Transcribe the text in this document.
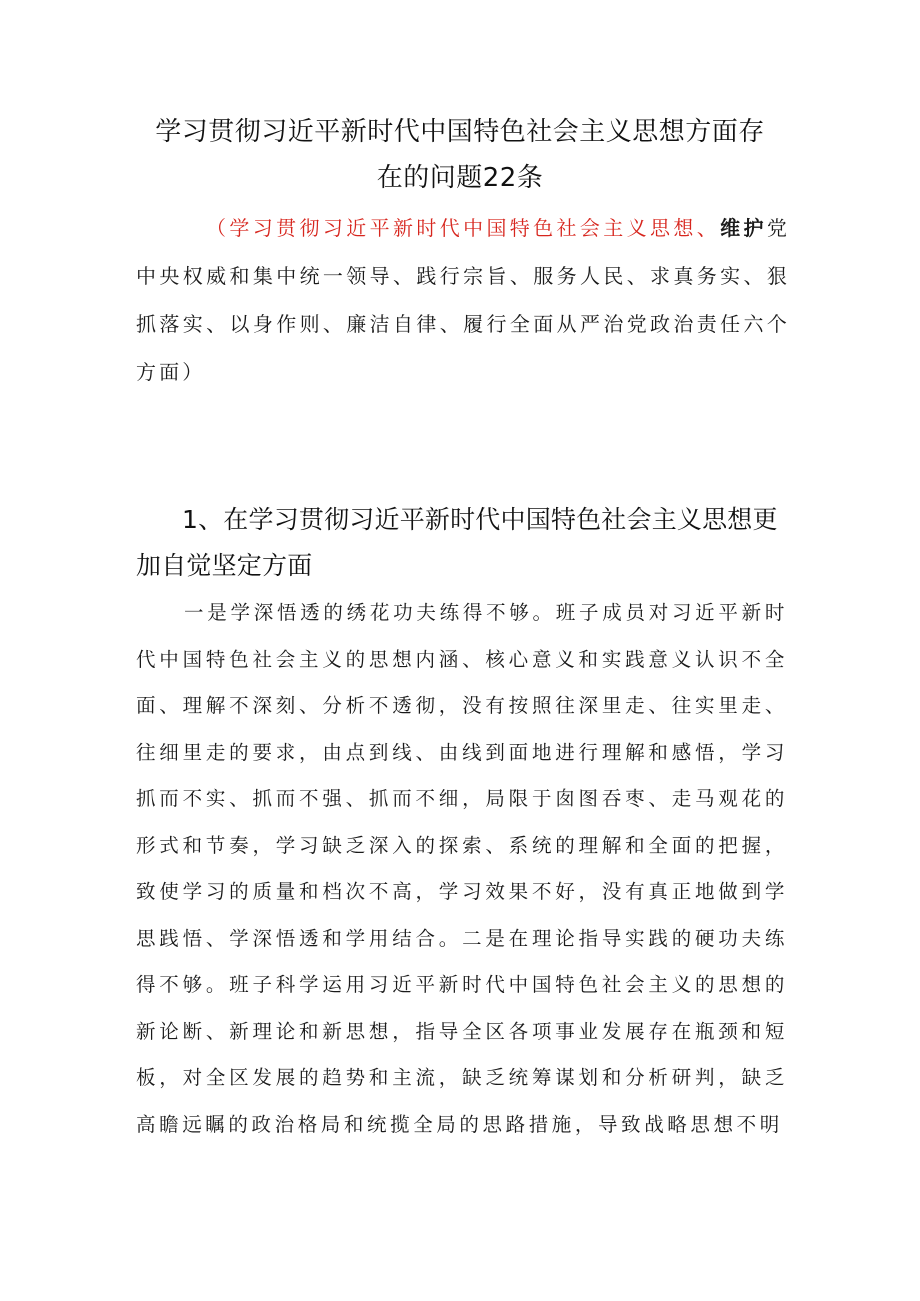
学习贯彻习近平新时代中国特色社会主义思想方面存
在的问题22条
（学习贯彻习近平新时代中国特色社会主义思想、维护党中央权威和集中统一领导、践行宗旨、服务人民、求真务实、狠抓落实、以身作则、廉洁自律、履行全面从严治党政治责任六个方面）
1、在学习贯彻习近平新时代中国特色社会主义思想更加自觉坚定方面
一是学深悟透的绣花功夫练得不够。班子成员对习近平新时代中国特色社会主义的思想内涵、核心意义和实践意义认识不全面、理解不深刻、分析不透彻，没有按照往深里走、往实里走、往细里走的要求，由点到线、由线到面地进行理解和感悟，学习抓而不实、抓而不强、抓而不细，局限于囱图吞枣、走马观花的形式和节奏，学习缺乏深入的探索、系统的理解和全面的把握，致使学习的质量和档次不高，学习效果不好，没有真正地做到学思践悟、学深悟透和学用结合。二是在理论指导实践的硬功夫练得不够。班子科学运用习近平新时代中国特色社会主义的思想的新论断、新理论和新思想，指导全区各项事业发展存在瓶颈和短板，对全区发展的趋势和主流，缺乏统筹谋划和分析研判，缺乏高瞻远瞩的政治格局和统揽全局的思路措施，导致战略思想不明
